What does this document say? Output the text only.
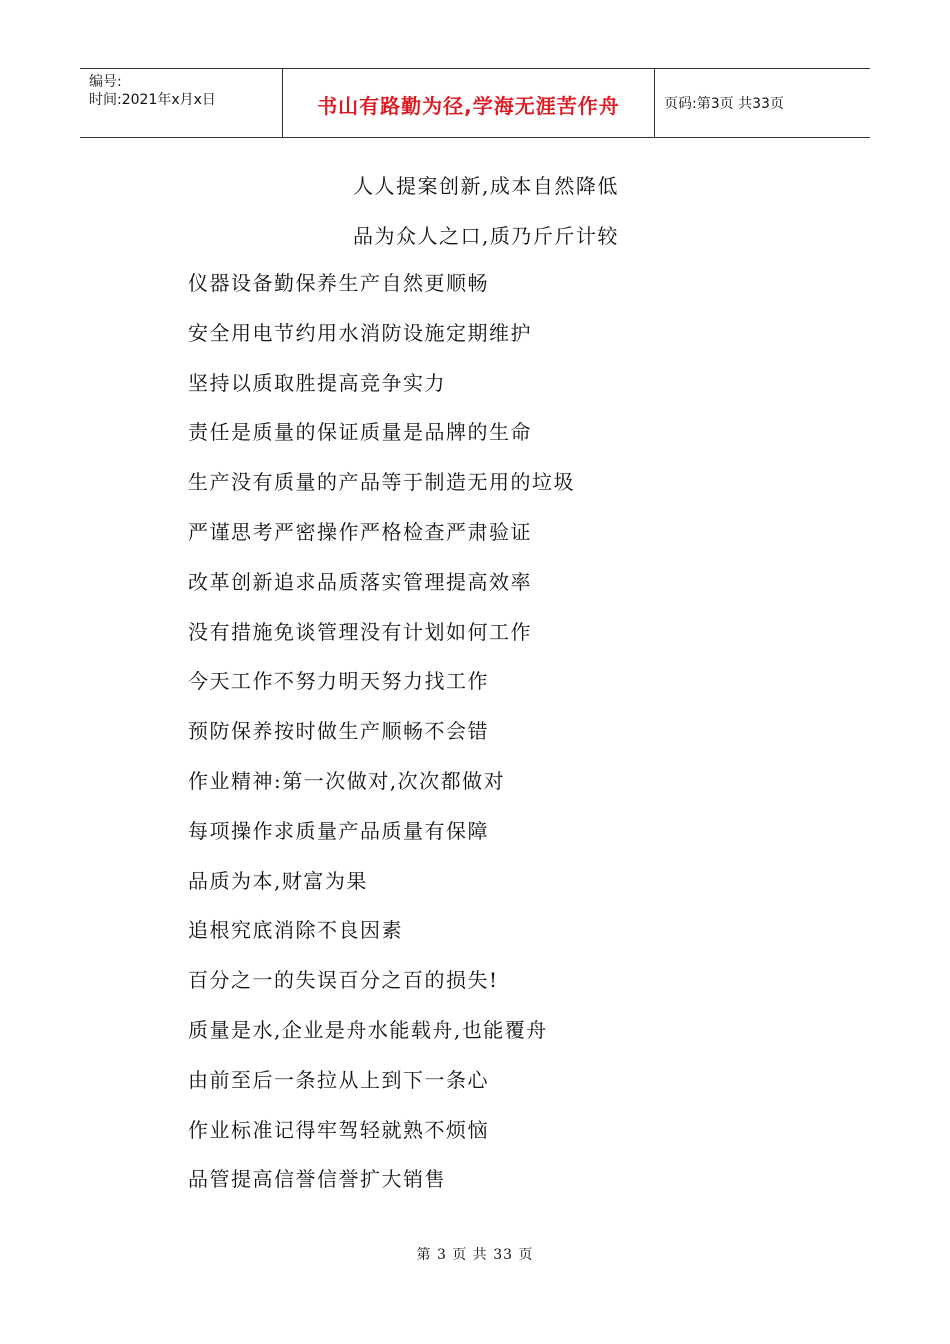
编号:
时间:2021年x月x日	书山有路勤为径,学海无涯苦作舟	页码:第3页 共33页
人人提案创新,成本自然降低
品为众人之口,质乃斤斤计较
仪器设备勤保养生产自然更顺畅
安全用电节约用水消防设施定期维护
坚持以质取胜提高竞争实力
责任是质量的保证质量是品牌的生命
生产没有质量的产品等于制造无用的垃圾
严谨思考严密操作严格检查严肃验证
改革创新追求品质落实管理提高效率
没有措施免谈管理没有计划如何工作
今天工作不努力明天努力找工作
预防保养按时做生产顺畅不会错
作业精神:第一次做对,次次都做对
每项操作求质量产品质量有保障
品质为本,财富为果
追根究底消除不良因素
百分之一的失误百分之百的损失!
质量是水,企业是舟水能载舟,也能覆舟
由前至后一条拉从上到下一条心
作业标准记得牢驾轻就熟不烦恼
品管提高信誉信誉扩大销售
第 3 页 共 33 页
